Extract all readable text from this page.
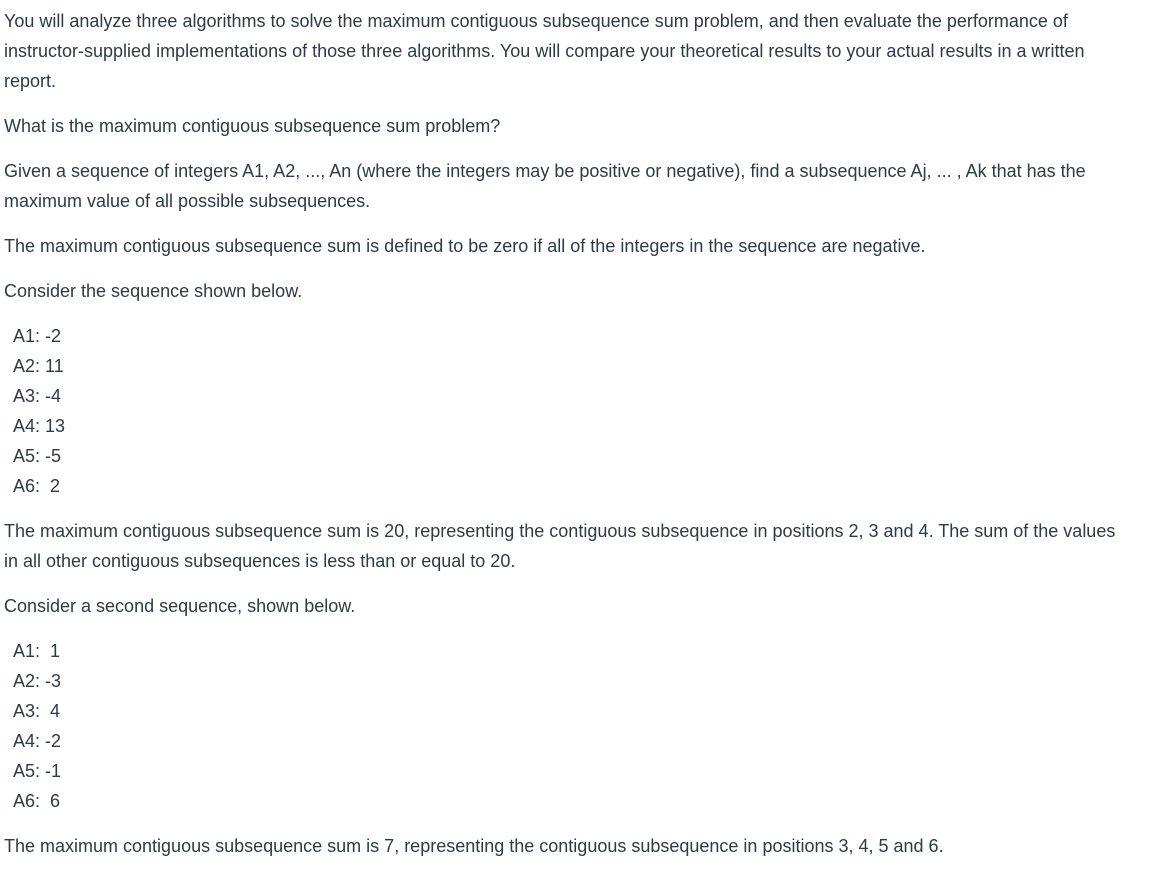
You will analyze three algorithms to solve the maximum contiguous subsequence sum problem, and then evaluate the performance of instructor-supplied implementations of those three algorithms. You will compare your theoretical results to your actual results in a written report.

What is the maximum contiguous subsequence sum problem?

Given a sequence of integers A1, A2, ..., An (where the integers may be positive or negative), find a subsequence Aj, ... , Ak that has the maximum value of all possible subsequences.

The maximum contiguous subsequence sum is defined to be zero if all of the integers in the sequence are negative.

Consider the sequence shown below.

A1: -2
A2: 11
A3: -4
A4: 13
A5: -5
A6:  2

The maximum contiguous subsequence sum is 20, representing the contiguous subsequence in positions 2, 3 and 4. The sum of the values in all other contiguous subsequences is less than or equal to 20.

Consider a second sequence, shown below.

A1:  1
A2: -3
A3:  4
A4: -2
A5: -1
A6:  6

The maximum contiguous subsequence sum is 7, representing the contiguous subsequence in positions 3, 4, 5 and 6.
